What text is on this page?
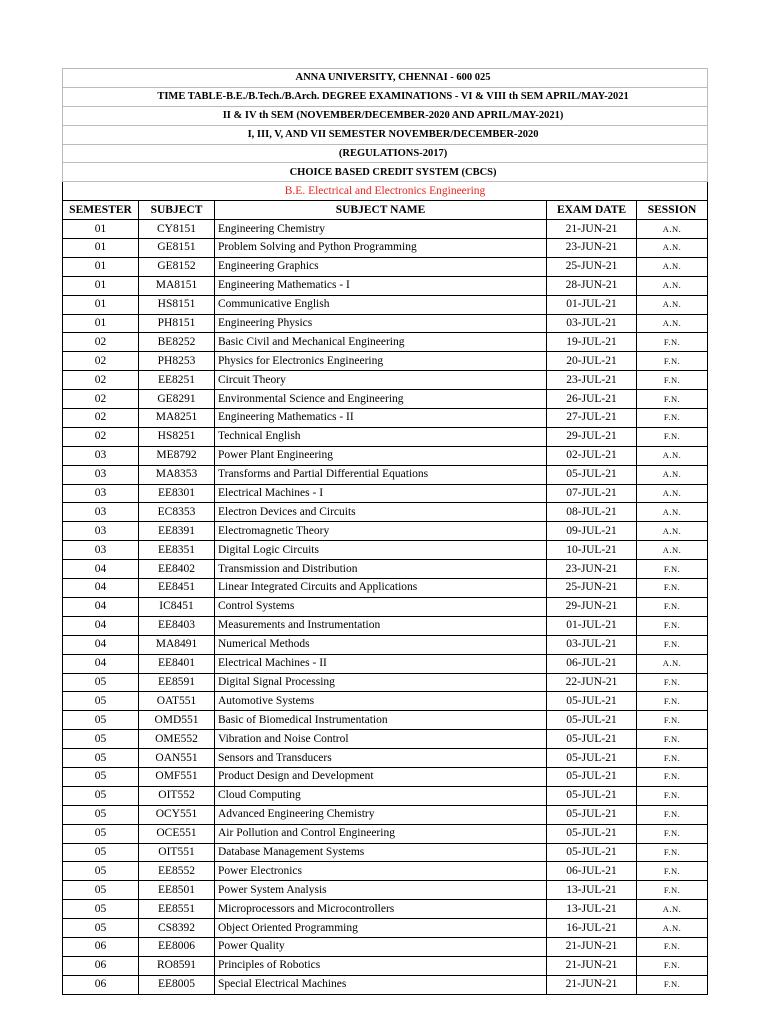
ANNA UNIVERSITY, CHENNAI - 600 025				
TIME TABLE-B.E./B.Tech./B.Arch. DEGREE EXAMINATIONS - VI & VIII th SEM APRIL/MAY-2021				
II & IV th SEM (NOVEMBER/DECEMBER-2020 AND APRIL/MAY-2021)				
I, III, V, AND VII SEMESTER NOVEMBER/DECEMBER-2020				
(REGULATIONS-2017)				
CHOICE BASED CREDIT SYSTEM (CBCS)				
B.E. Electrical and Electronics Engineering				
SEMESTER	SUBJECT	SUBJECT NAME	EXAM DATE	SESSION
01	CY8151	Engineering Chemistry	21-JUN-21	A.N.
01	GE8151	Problem Solving and Python Programming	23-JUN-21	A.N.
01	GE8152	Engineering Graphics	25-JUN-21	A.N.
01	MA8151	Engineering Mathematics - I	28-JUN-21	A.N.
01	HS8151	Communicative English	01-JUL-21	A.N.
01	PH8151	Engineering Physics	03-JUL-21	A.N.
02	BE8252	Basic Civil and Mechanical Engineering	19-JUL-21	F.N.
02	PH8253	Physics for Electronics Engineering	20-JUL-21	F.N.
02	EE8251	Circuit Theory	23-JUL-21	F.N.
02	GE8291	Environmental Science and Engineering	26-JUL-21	F.N.
02	MA8251	Engineering Mathematics - II	27-JUL-21	F.N.
02	HS8251	Technical English	29-JUL-21	F.N.
03	ME8792	Power Plant Engineering	02-JUL-21	A.N.
03	MA8353	Transforms and Partial Differential Equations	05-JUL-21	A.N.
03	EE8301	Electrical Machines - I	07-JUL-21	A.N.
03	EC8353	Electron Devices and Circuits	08-JUL-21	A.N.
03	EE8391	Electromagnetic Theory	09-JUL-21	A.N.
03	EE8351	Digital Logic Circuits	10-JUL-21	A.N.
04	EE8402	Transmission and Distribution	23-JUN-21	F.N.
04	EE8451	Linear Integrated Circuits and Applications	25-JUN-21	F.N.
04	IC8451	Control Systems	29-JUN-21	F.N.
04	EE8403	Measurements and Instrumentation	01-JUL-21	F.N.
04	MA8491	Numerical Methods	03-JUL-21	F.N.
04	EE8401	Electrical Machines - II	06-JUL-21	A.N.
05	EE8591	Digital Signal Processing	22-JUN-21	F.N.
05	OAT551	Automotive Systems	05-JUL-21	F.N.
05	OMD551	Basic of Biomedical Instrumentation	05-JUL-21	F.N.
05	OME552	Vibration and Noise Control	05-JUL-21	F.N.
05	OAN551	Sensors and Transducers	05-JUL-21	F.N.
05	OMF551	Product Design and Development	05-JUL-21	F.N.
05	OIT552	Cloud Computing	05-JUL-21	F.N.
05	OCY551	Advanced Engineering Chemistry	05-JUL-21	F.N.
05	OCE551	Air Pollution and Control Engineering	05-JUL-21	F.N.
05	OIT551	Database Management Systems	05-JUL-21	F.N.
05	EE8552	Power Electronics	06-JUL-21	F.N.
05	EE8501	Power System Analysis	13-JUL-21	F.N.
05	EE8551	Microprocessors and Microcontrollers	13-JUL-21	A.N.
05	CS8392	Object Oriented Programming	16-JUL-21	A.N.
06	EE8006	Power Quality	21-JUN-21	F.N.
06	RO8591	Principles of Robotics	21-JUN-21	F.N.
06	EE8005	Special Electrical Machines	21-JUN-21	F.N.
